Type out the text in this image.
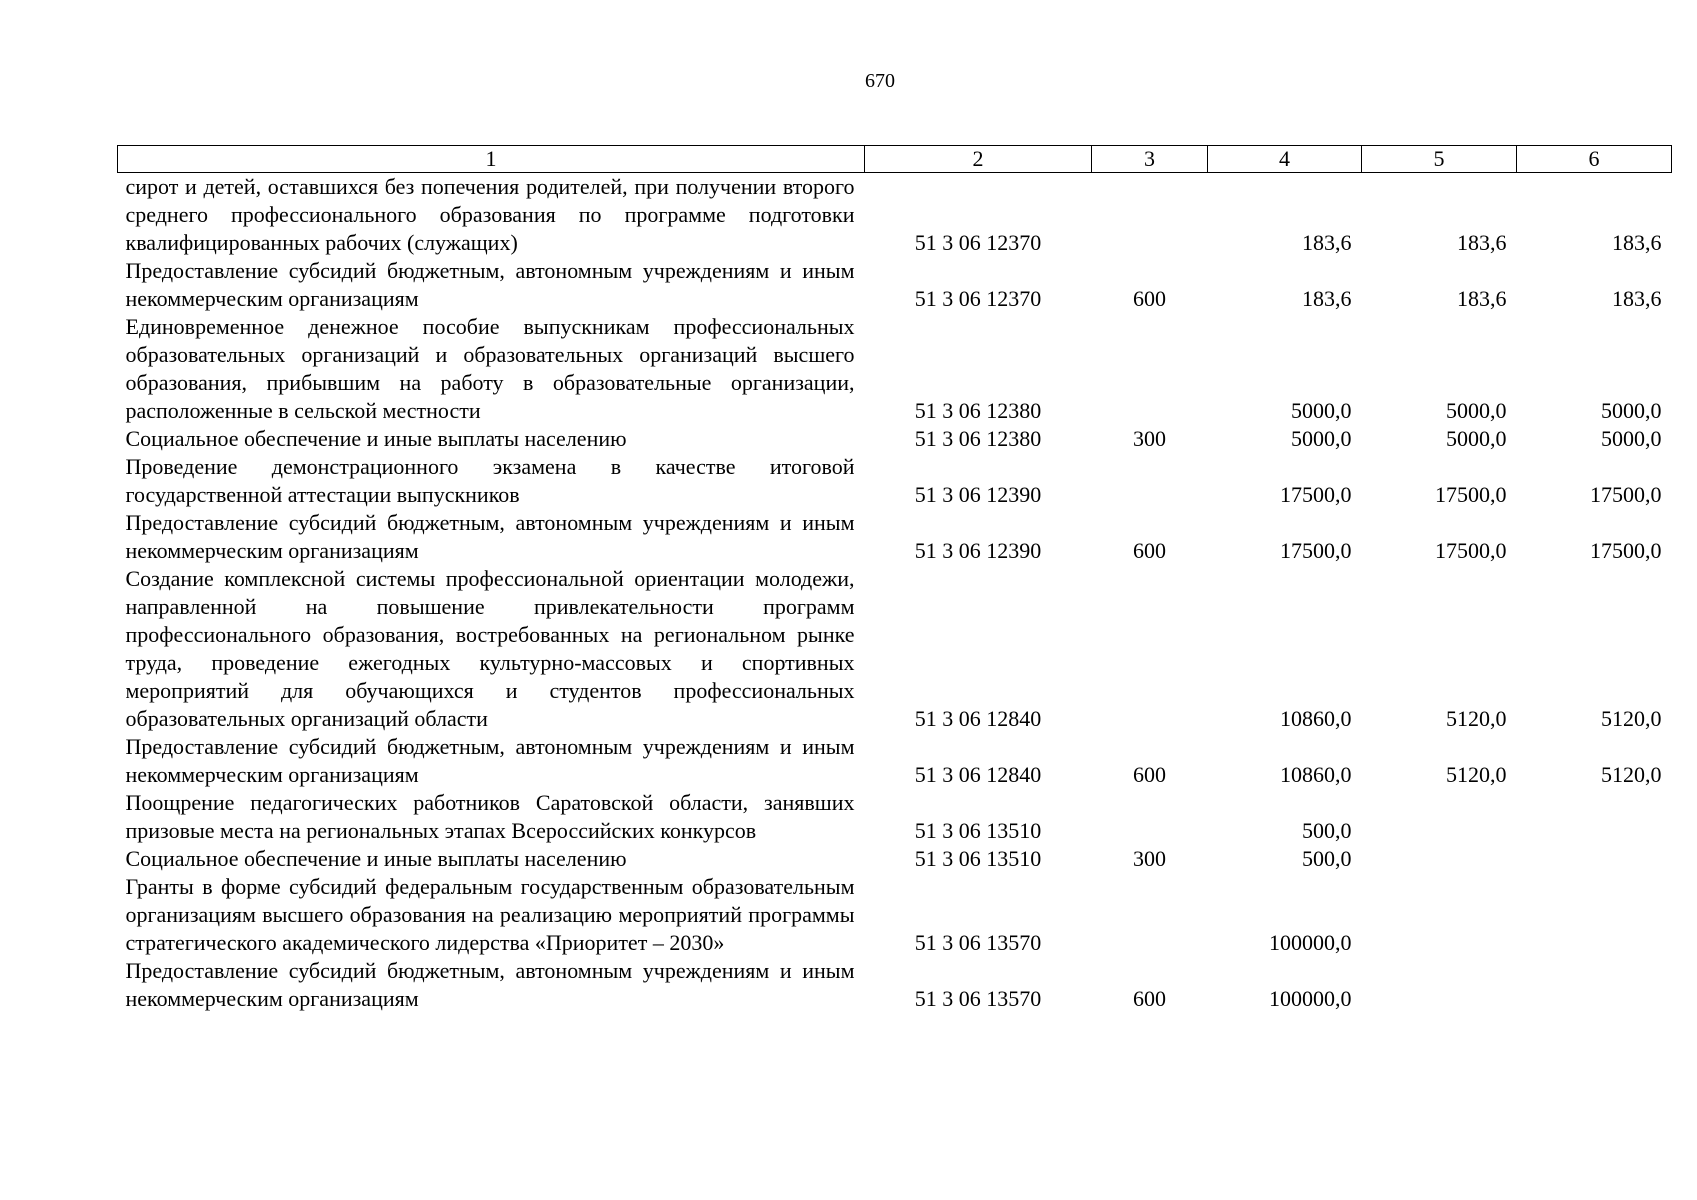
670
1	2	3	4	5	6
сирот и детей, оставшихся без попечения родителей, при получении второго среднего профессионального образования по программе подготовки квалифицированных рабочих (служащих)	51 3 06 12370		183,6	183,6	183,6
Предоставление субсидий бюджетным, автономным учреждениям и иным некоммерческим организациям	51 3 06 12370	600	183,6	183,6	183,6
Единовременное денежное пособие выпускникам профессиональных образовательных организаций и образовательных организаций высшего образования, прибывшим на работу в образовательные организации, расположенные в сельской местности	51 3 06 12380		5000,0	5000,0	5000,0
Социальное обеспечение и иные выплаты населению	51 3 06 12380	300	5000,0	5000,0	5000,0
Проведение демонстрационного экзамена в качестве итоговой государственной аттестации выпускников	51 3 06 12390		17500,0	17500,0	17500,0
Предоставление субсидий бюджетным, автономным учреждениям и иным некоммерческим организациям	51 3 06 12390	600	17500,0	17500,0	17500,0
Создание комплексной системы профессиональной ориентации молодежи, направленной на повышение привлекательности программ профессионального образования, востребованных на региональном рынке труда, проведение ежегодных культурно-массовых и спортивных мероприятий для обучающихся и студентов профессиональных образовательных организаций области	51 3 06 12840		10860,0	5120,0	5120,0
Предоставление субсидий бюджетным, автономным учреждениям и иным некоммерческим организациям	51 3 06 12840	600	10860,0	5120,0	5120,0
Поощрение педагогических работников Саратовской области, занявших призовые места на региональных этапах Всероссийских конкурсов	51 3 06 13510		500,0		
Социальное обеспечение и иные выплаты населению	51 3 06 13510	300	500,0		
Гранты в форме субсидий федеральным государственным образовательным организациям высшего образования на реализацию мероприятий программы стратегического академического лидерства «Приоритет – 2030»	51 3 06 13570		100000,0		
Предоставление субсидий бюджетным, автономным учреждениям и иным некоммерческим организациям	51 3 06 13570	600	100000,0		
